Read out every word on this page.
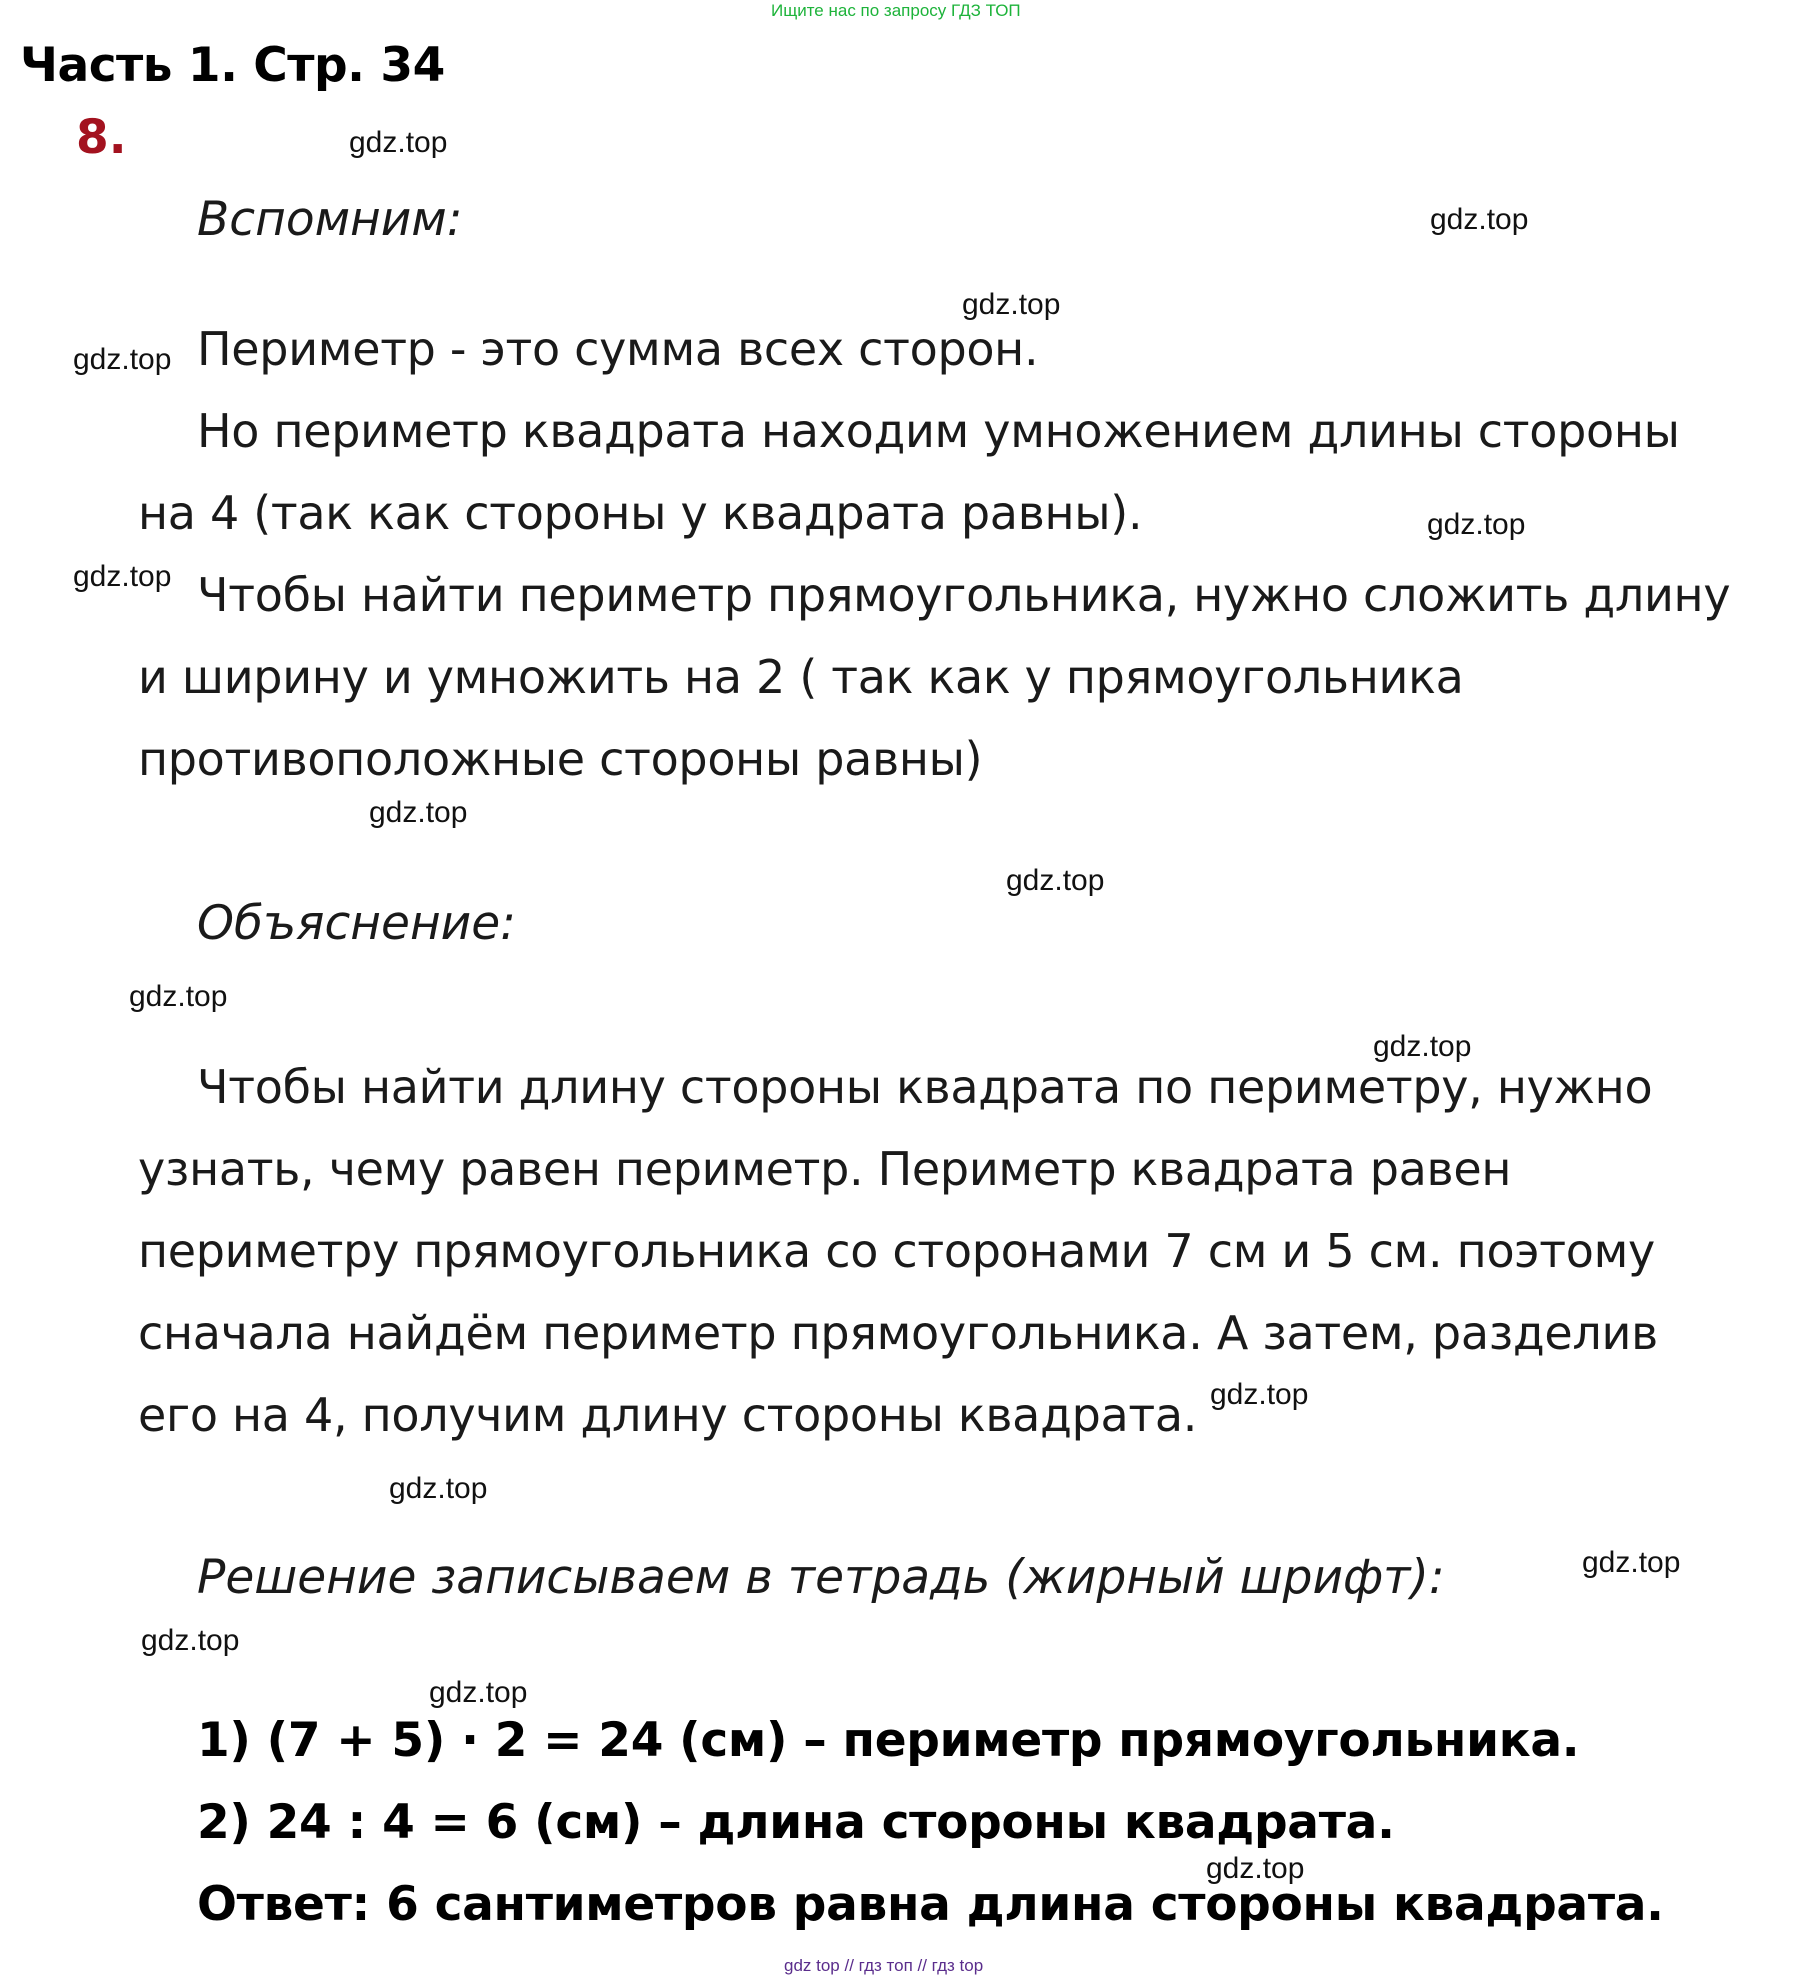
Ищите нас по запросу ГДЗ ТОП
Часть 1. Стр. 34
8.
Вспомним:
Периметр - это сумма всех сторон.
Но периметр квадрата находим умножением длины стороны
на 4 (так как стороны у квадрата равны).
Чтобы найти периметр прямоугольника, нужно сложить длину
и ширину и умножить на 2 ( так как у прямоугольника
противоположные стороны равны)
Объяснение:
Чтобы найти длину стороны квадрата по периметру, нужно
узнать, чему равен периметр. Периметр квадрата равен
периметру прямоугольника со сторонами 7 см и 5 см. поэтому
сначала найдём периметр прямоугольника. А затем, разделив
его на 4, получим длину стороны квадрата.
Решение записываем в тетрадь (жирный шрифт):
1) (7 + 5) · 2 = 24 (см) – периметр прямоугольника.
2) 24 : 4 = 6 (см) – длина стороны квадрата.
Ответ: 6 сантиметров равна длина стороны квадрата.
gdz.top
gdz.top
gdz.top
gdz.top
gdz.top
gdz.top
gdz.top
gdz.top
gdz.top
gdz.top
gdz.top
gdz.top
gdz.top
gdz.top
gdz.top
gdz.top
gdz top // гдз топ // гдз top
